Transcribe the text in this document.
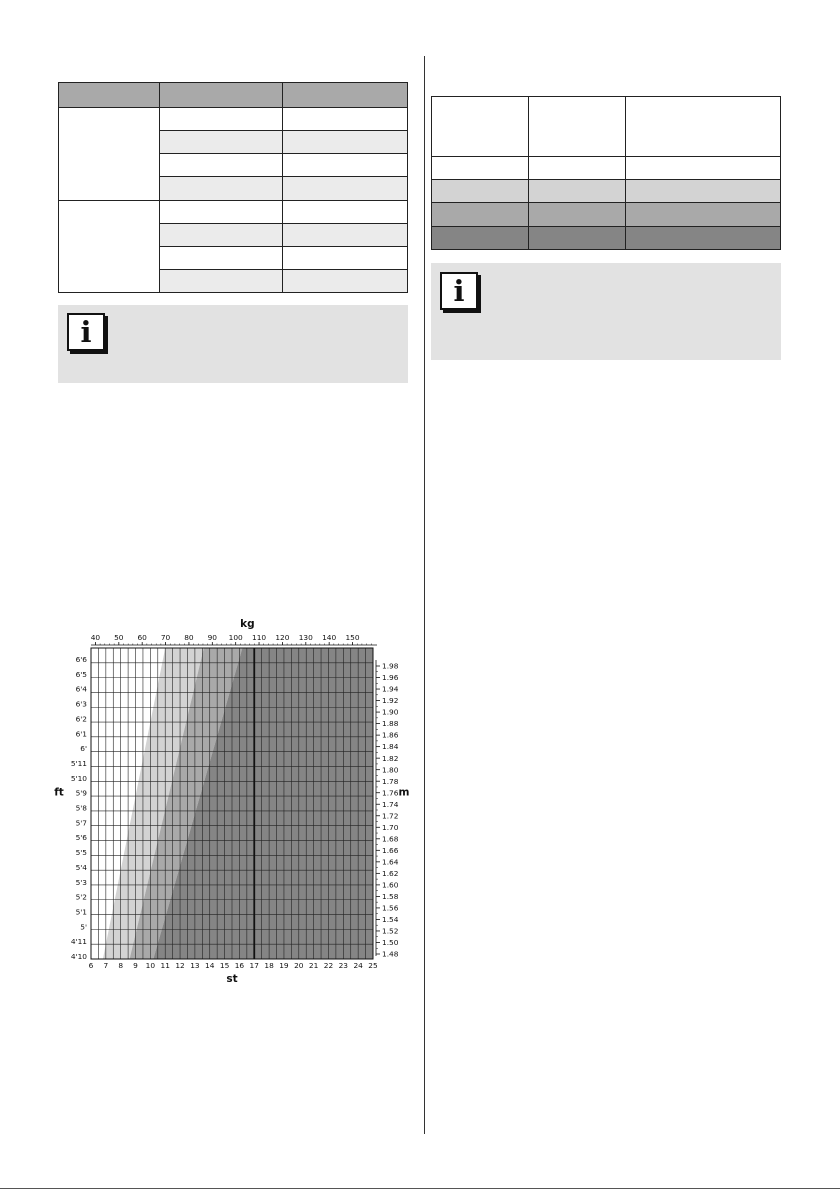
i

i
40 50 60 70 80 90 100 110 120 130 140 150
kg
6 7 8 9 10 11 12 13 14 15 16 17 18 19 20 21 22 23 24 25
st
6'6
6'5
6'4
6'3
6'2
6'1
6'
5'11
5'10
5'9
5'8
5'7
5'6
5'5
5'4
5'3
5'2
5'1
5'
4'11
4'10
ft
1.98
1.96
1.94
1.92
1.90
1.88
1.86
1.84
1.82
1.80
1.78
1.76
1.74
1.72
1.70
1.68
1.66
1.64
1.62
1.60
1.58
1.56
1.54
1.52
1.50
1.48
m
